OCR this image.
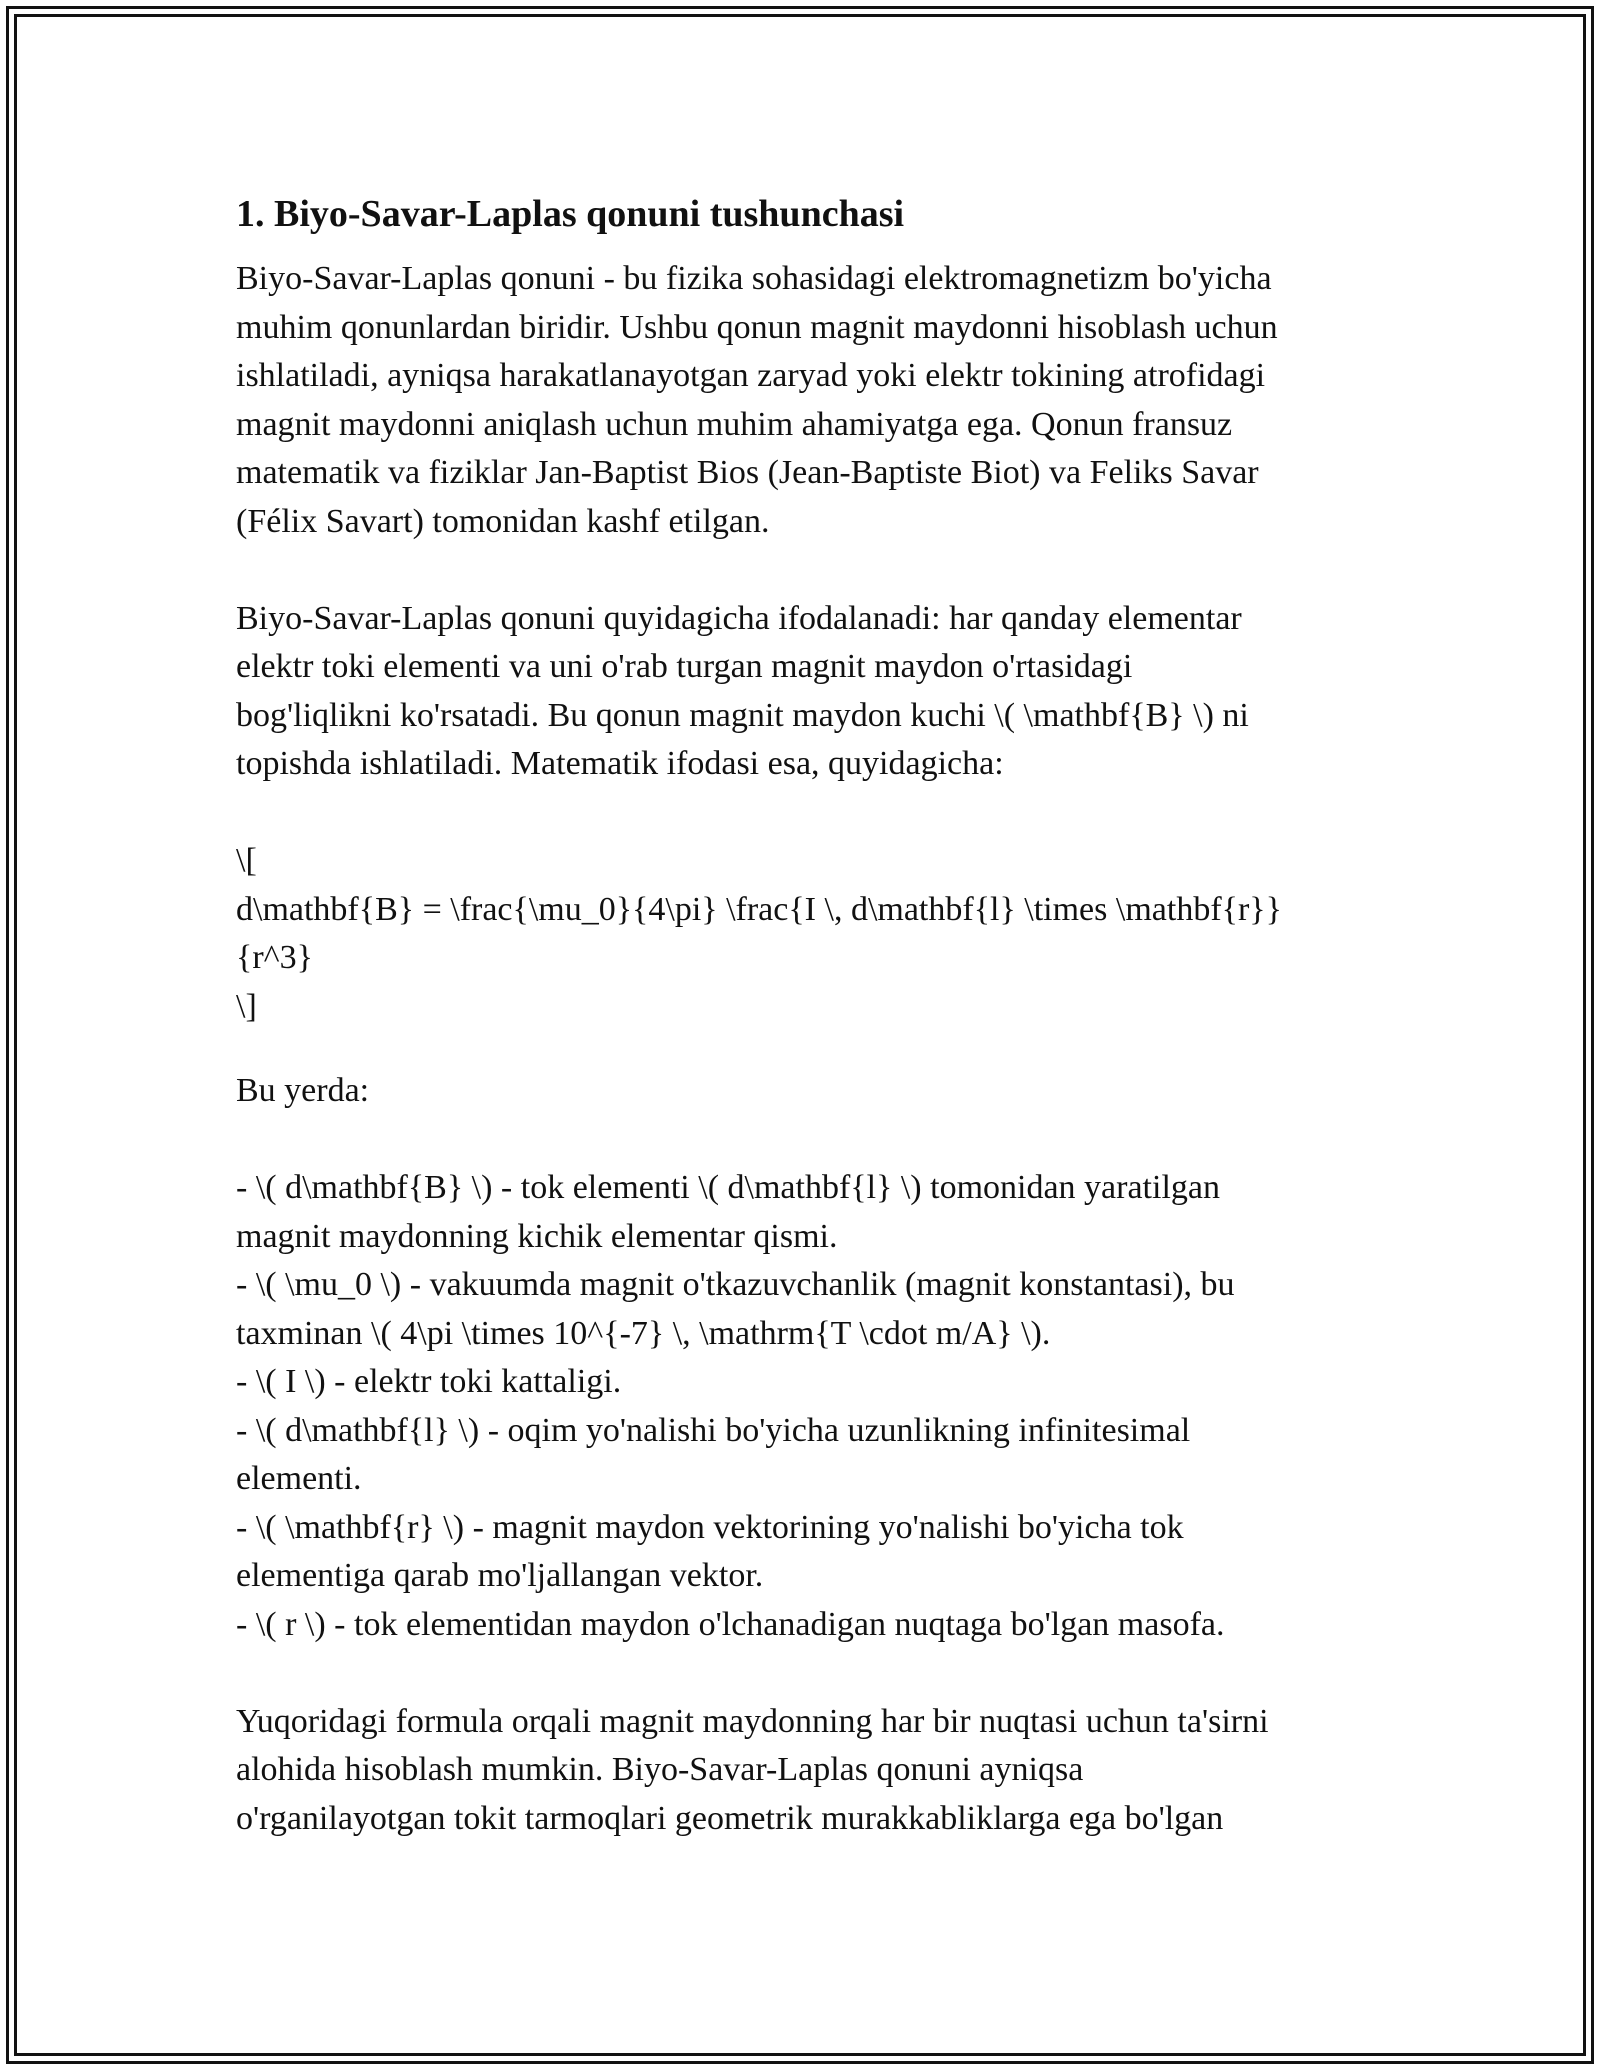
1. Biyo-Savar-Laplas qonuni tushunchasi
Biyo-Savar-Laplas qonuni - bu fizika sohasidagi elektromagnetizm bo'yicha
muhim qonunlardan biridir. Ushbu qonun magnit maydonni hisoblash uchun
ishlatiladi, ayniqsa harakatlanayotgan zaryad yoki elektr tokining atrofidagi
magnit maydonni aniqlash uchun muhim ahamiyatga ega. Qonun fransuz
matematik va fiziklar Jan-Baptist Bios (Jean-Baptiste Biot) va Feliks Savar
(Félix Savart) tomonidan kashf etilgan.
Biyo-Savar-Laplas qonuni quyidagicha ifodalanadi: har qanday elementar
elektr toki elementi va uni o'rab turgan magnit maydon o'rtasidagi
bog'liqlikni ko'rsatadi. Bu qonun magnit maydon kuchi \( \mathbf{B} \) ni
topishda ishlatiladi. Matematik ifodasi esa, quyidagicha:
\[
d\mathbf{B} = \frac{\mu_0}{4\pi} \frac{I \, d\mathbf{l} \times \mathbf{r}}
{r^3}
\]
Bu yerda:
- \( d\mathbf{B} \) - tok elementi \( d\mathbf{l} \) tomonidan yaratilgan
magnit maydonning kichik elementar qismi.
- \( \mu_0 \) - vakuumda magnit o'tkazuvchanlik (magnit konstantasi), bu
taxminan \( 4\pi \times 10^{-7} \, \mathrm{T \cdot m/A} \).
- \( I \) - elektr toki kattaligi.
- \( d\mathbf{l} \) - oqim yo'nalishi bo'yicha uzunlikning infinitesimal
elementi.
- \( \mathbf{r} \) - magnit maydon vektorining yo'nalishi bo'yicha tok
elementiga qarab mo'ljallangan vektor.
- \( r \) - tok elementidan maydon o'lchanadigan nuqtaga bo'lgan masofa.
Yuqoridagi formula orqali magnit maydonning har bir nuqtasi uchun ta'sirni
alohida hisoblash mumkin. Biyo-Savar-Laplas qonuni ayniqsa
o'rganilayotgan tokit tarmoqlari geometrik murakkabliklarga ega bo'lgan
